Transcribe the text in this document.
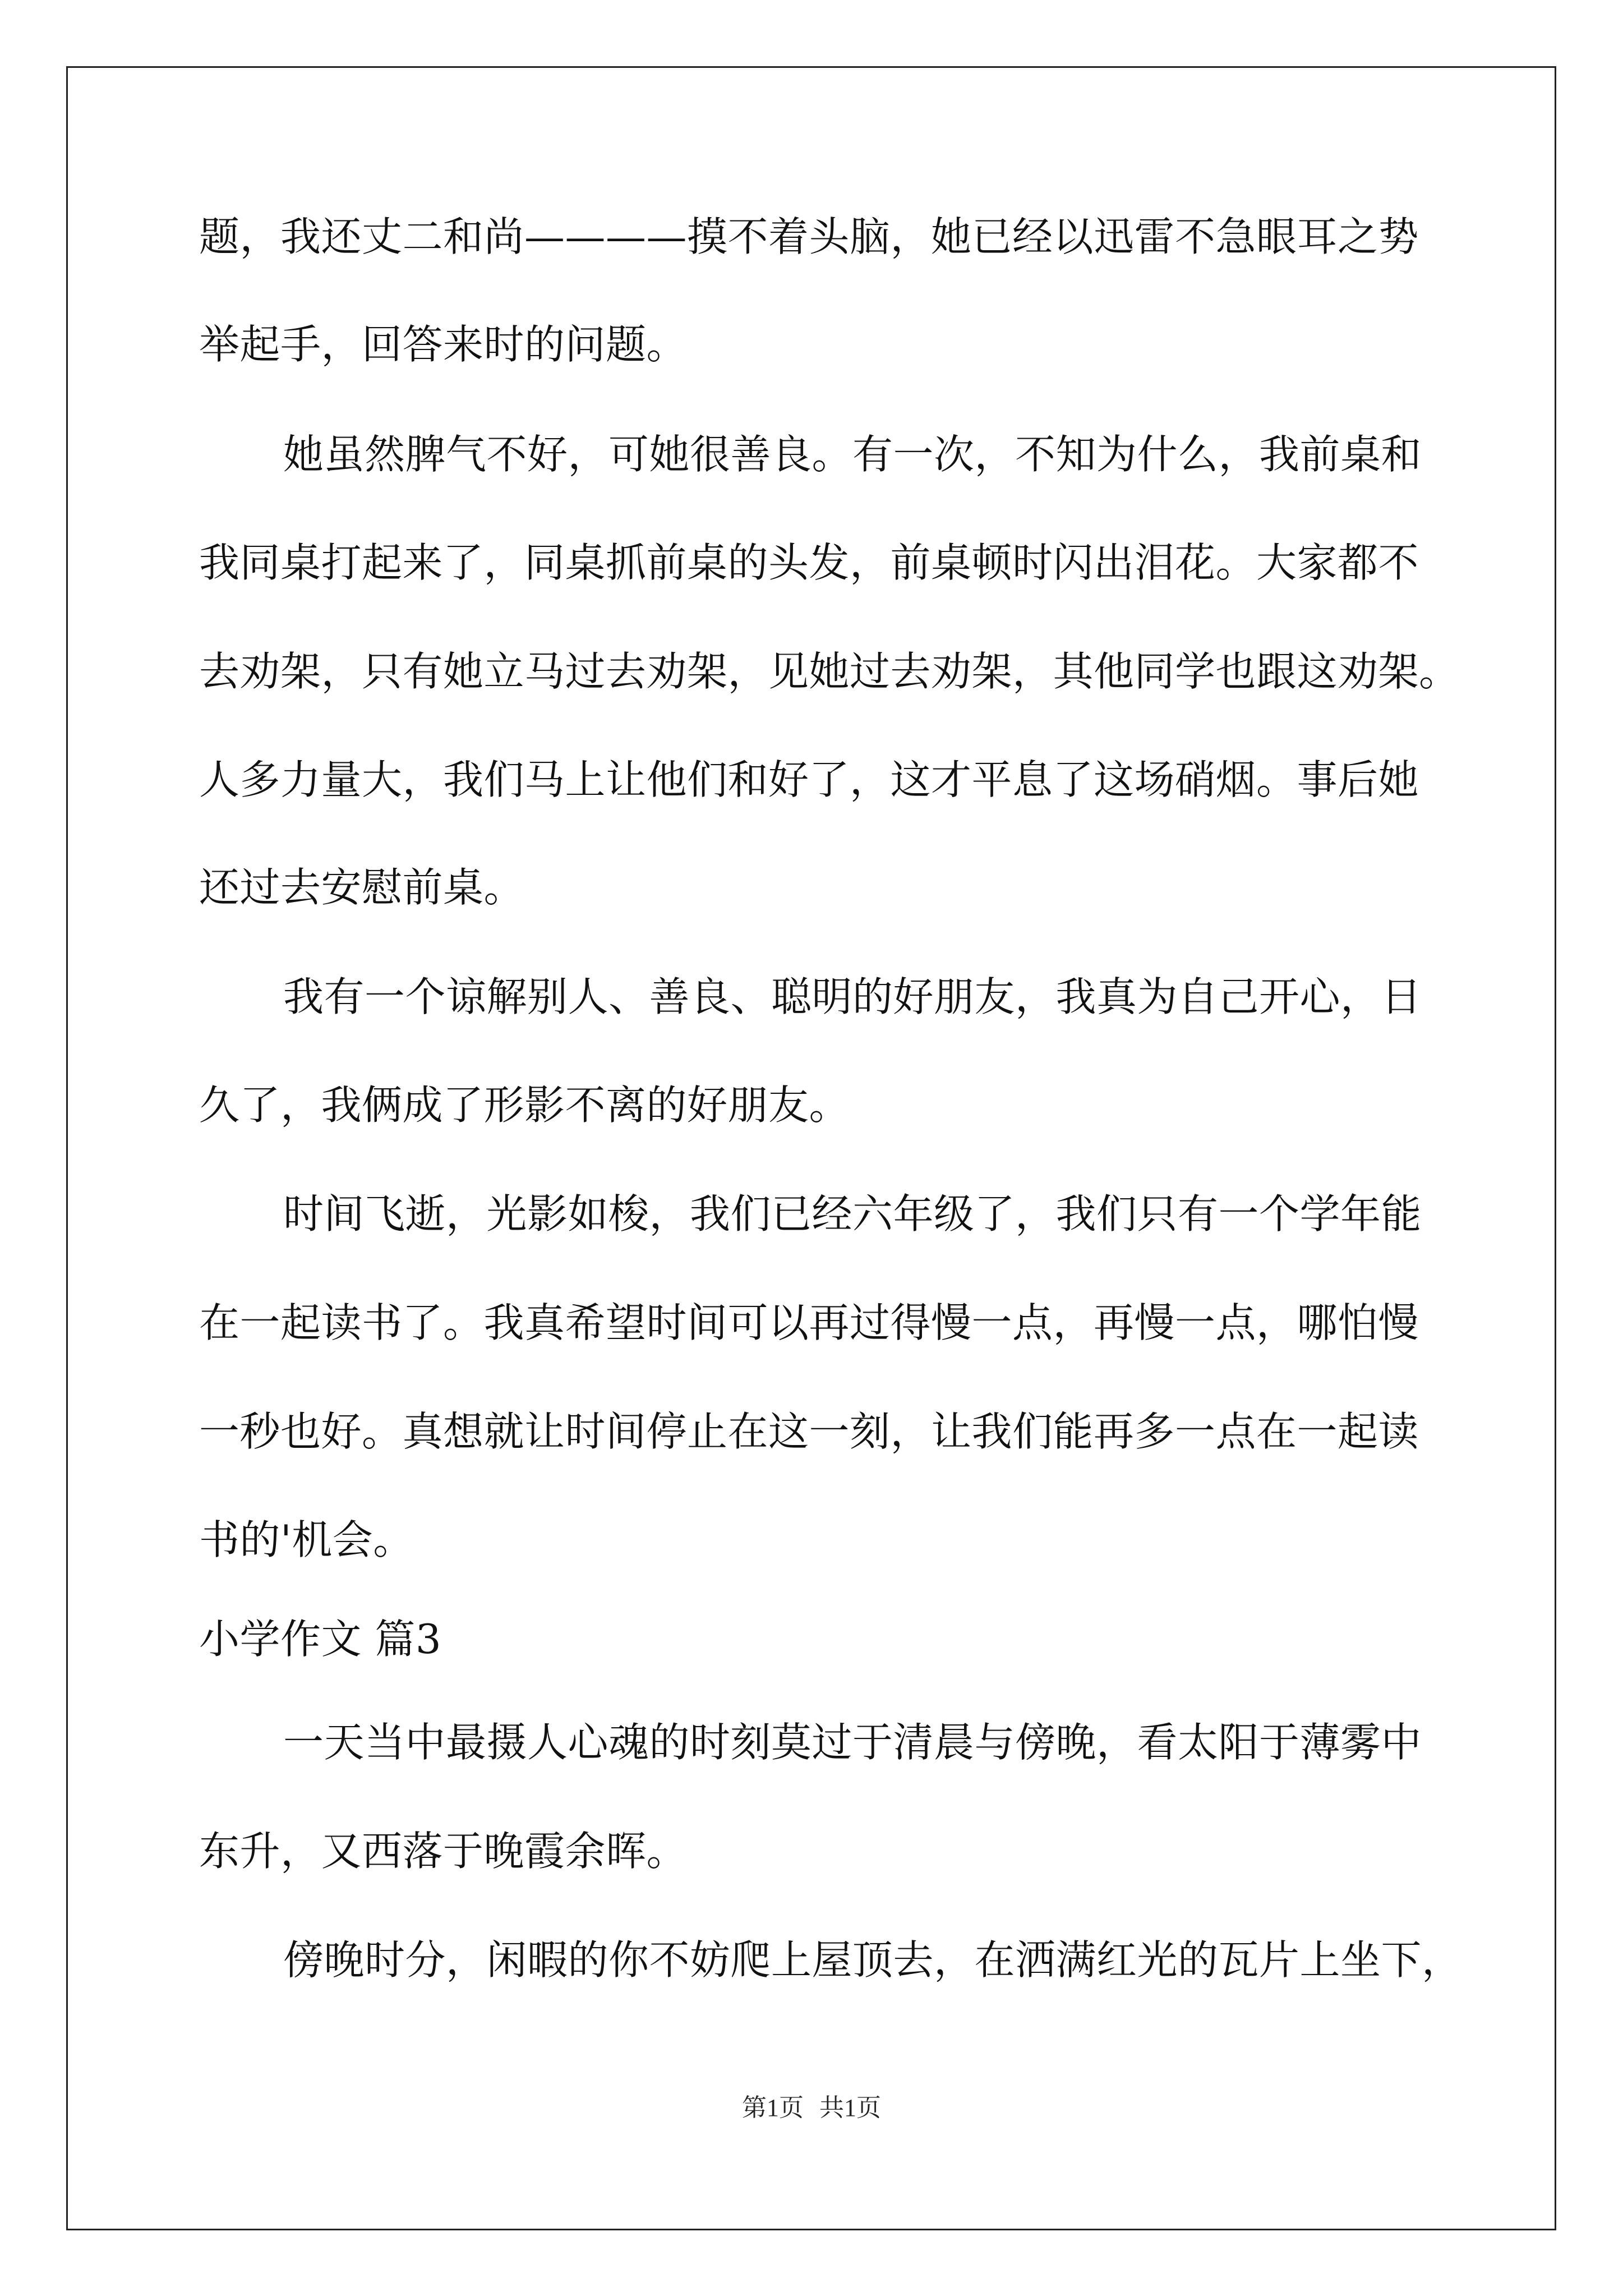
题，我还丈二和尚————摸不着头脑，她已经以迅雷不急眼耳之势
举起手，回答来时的问题。
她虽然脾气不好，可她很善良。有一次，不知为什么，我前桌和
我同桌打起来了，同桌抓前桌的头发，前桌顿时闪出泪花。大家都不
去劝架，只有她立马过去劝架，见她过去劝架，其他同学也跟这劝架。
人多力量大，我们马上让他们和好了，这才平息了这场硝烟。事后她
还过去安慰前桌。
我有一个谅解别人、善良、聪明的好朋友，我真为自己开心，日
久了，我俩成了形影不离的好朋友。
时间飞逝，光影如梭，我们已经六年级了，我们只有一个学年能
在一起读书了。我真希望时间可以再过得慢一点，再慢一点，哪怕慢
一秒也好。真想就让时间停止在这一刻，让我们能再多一点在一起读
书的'机会。
小学作文 篇3
一天当中最摄人心魂的时刻莫过于清晨与傍晚，看太阳于薄雾中
东升，又西落于晚霞余晖。
傍晚时分，闲暇的你不妨爬上屋顶去，在洒满红光的瓦片上坐下，
第1页 共1页
